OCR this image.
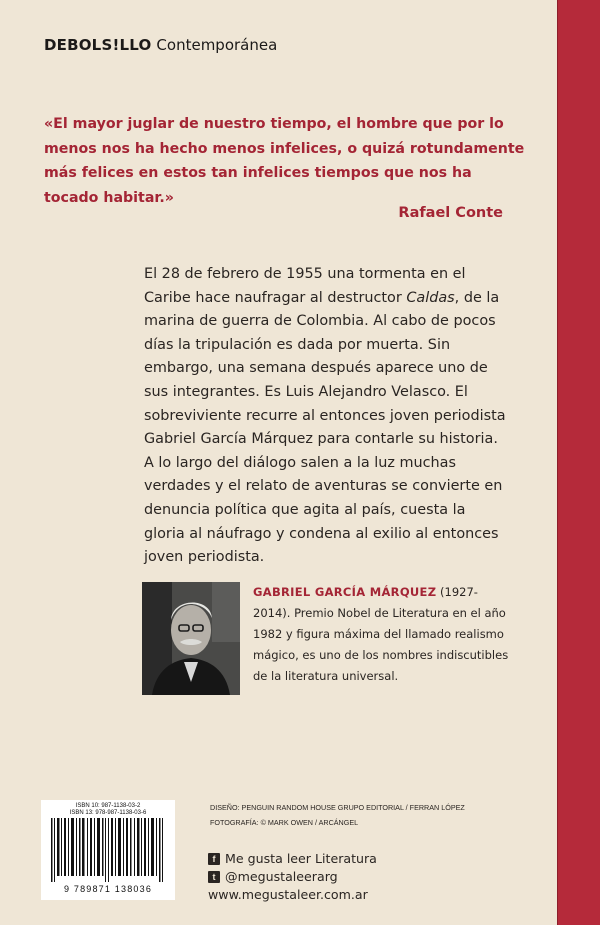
DEBOLS!LLO Contemporánea
«El mayor juglar de nuestro tiempo, el hombre que por lo menos nos ha hecho menos infelices, o quizá rotundamente más felices en estos tan infelices tiempos que nos ha tocado habitar.»
Rafael Conte

El 28 de febrero de 1955 una tormenta en el Caribe hace naufragar al destructor Caldas, de la marina de guerra de Colombia. Al cabo de pocos días la tripulación es dada por muerta. Sin embargo, una semana después aparece uno de sus integrantes. Es Luis Alejandro Velasco. El sobreviviente recurre al entonces joven periodista Gabriel García Márquez para contarle su historia.

A lo largo del diálogo salen a la luz muchas verdades y el relato de aventuras se convierte en denuncia política que agita al país, cuesta la gloria al náufrago y condena al exilio al entonces joven periodista.

GABRIEL GARCÍA MÁRQUEZ (1927-2014). Premio Nobel de Literatura en el año 1982 y figura máxima del llamado realismo mágico, es uno de los nombres indiscutibles de la literatura universal.
ISBN 10: 987-1138-03-2
ISBN 13: 978-987-1138-03-6
9 789871 138036
DISEÑO: PENGUIN RANDOM HOUSE GRUPO EDITORIAL / FERRAN LÓPEZ
FOTOGRAFÍA: © MARK OWEN / ARCÁNGEL
f Me gusta leer Literatura
t @megustaleerarg
www.megustaleer.com.ar
